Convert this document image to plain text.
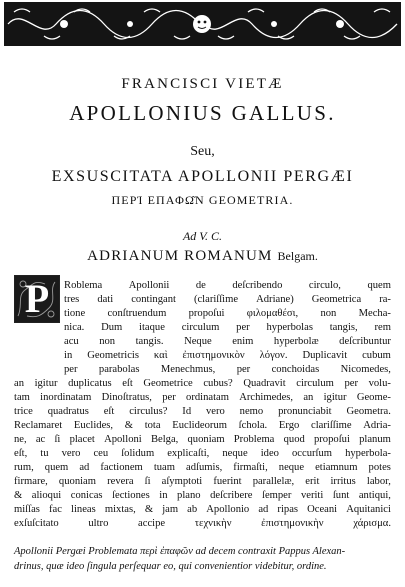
FRANCISCI VIETÆ
APOLLONIUS GALLUS.
Seu,
EXSUSCITATA APOLLONII PERGÆI
ΠΕΡΊ ΕΠΑΦΩ͂Ν GEOMETRIA.
Ad V. C.
ADRIANUM ROMANUM Belgam.
P	Roblema	Apollonii	de	deſcribendo	circulo,	quem
tres dati contingant (clariſſime Adriane) Geometrica ra-
tione conſtruendum propoſui φιλομαθέσι, non Mecha-
nica. Dum itaque circulum per hyperbolas tangis, rem
acu non tangis. Neque enim hyperbolæ deſcribuntur
in Geometricis καὶ ἐπιστημονικὸν λόγον. Duplicavit cubum
per parabolas Menechmus, per conchoidas Nicomedes,
an igitur duplicatus eſt Geometrice cubus? Quadravit circulum per volu-
tam inordinatam Dinoſtratus, per ordinatam Archimedes, an igitur Geome-
trice quadratus eſt circulus? Id vero nemo pronunciabit Geometra.
Reclamaret Euclides, & tota Euclideorum ſchola. Ergo clariſſime Adria-
ne, ac ſi placet Apolloni Belga, quoniam Problema quod propoſui planum
eſt, tu vero ceu ſolidum explicaſti, neque ideo occurſum hyperbola-
rum, quem ad factionem tuam adſumis, firmaſti, neque etiamnum potes
firmare, quoniam revera ſi aſymptoti fuerint parallelæ, erit irritus labor,
& alioqui conicas ſectiones in plano deſcribere ſemper veriti ſunt antiqui,
miſſas fac lineas mixtas, & jam ab Apollonio ad ripas Oceani Aquitanici
exſuſcitato	ultro	accipe	τεχνικὴν	ἐπιστημονικὴν	χάρισμα.
Apollonii Pergæi Problemata περὶ ἐπαφῶν ad decem contraxit Pappus Alexan-
drinus, quæ ideo ſingula perſequar eo, qui convenientior videbitur, ordine.
